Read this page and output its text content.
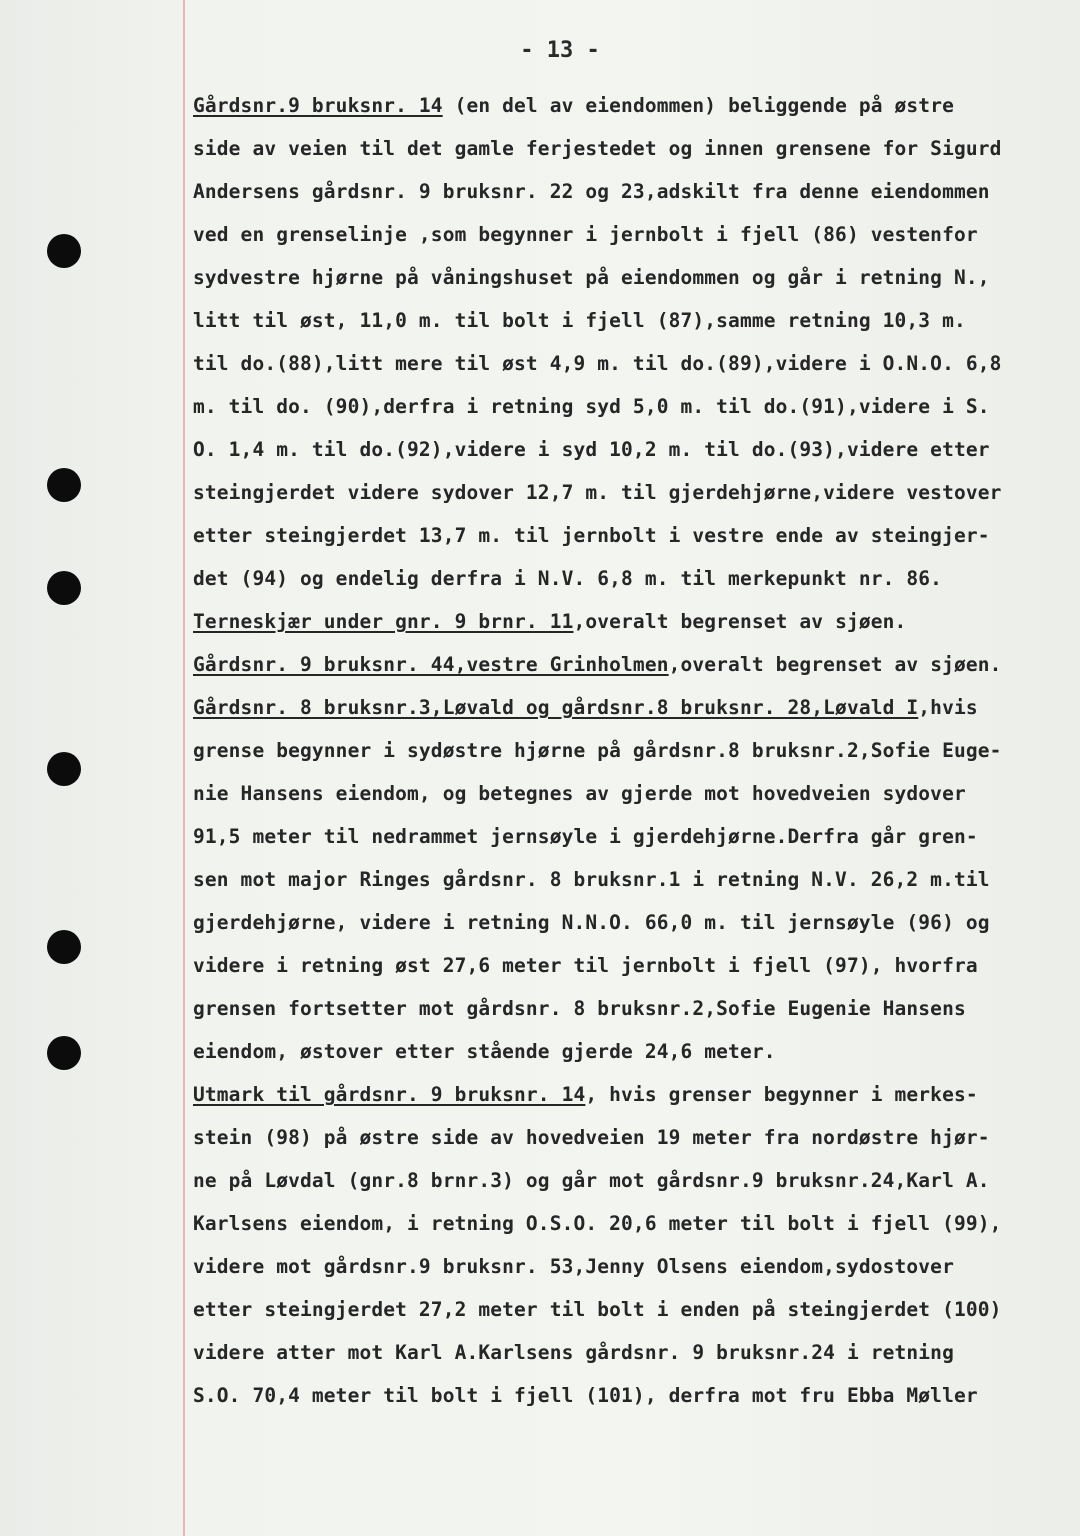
- 13 -
Gårdsnr.9 bruksnr. 14 (en del av eiendommen) beliggende på østre
side av veien til det gamle ferjestedet og innen grensene for Sigurd
Andersens gårdsnr. 9 bruksnr. 22 og 23,adskilt fra denne eiendommen
ved en grenselinje ,som begynner i jernbolt i fjell (86) vestenfor
sydvestre hjørne på våningshuset på eiendommen og går i retning N.,
litt til øst, 11,0 m. til bolt i fjell (87),samme retning 10,3 m.
til do.(88),litt mere til øst 4,9 m. til do.(89),videre i O.N.O. 6,8
m. til do. (90),derfra i retning syd 5,0 m. til do.(91),videre i S.
O. 1,4 m. til do.(92),videre i syd 10,2 m. til do.(93),videre etter
steingjerdet videre sydover 12,7 m. til gjerdehjørne,videre vestover
etter steingjerdet 13,7 m. til jernbolt i vestre ende av steingjer-
det (94) og endelig derfra i N.V. 6,8 m. til merkepunkt nr. 86.
Terneskjær under gnr. 9 brnr. 11,overalt begrenset av sjøen.
Gårdsnr. 9 bruksnr. 44,vestre Grinholmen,overalt begrenset av sjøen.
Gårdsnr. 8 bruksnr.3,Løvald og gårdsnr.8 bruksnr. 28,Løvald I,hvis
grense begynner i sydøstre hjørne på gårdsnr.8 bruksnr.2,Sofie Euge-
nie Hansens eiendom, og betegnes av gjerde mot hovedveien sydover
91,5 meter til nedrammet jernsøyle i gjerdehjørne.Derfra går gren-
sen mot major Ringes gårdsnr. 8 bruksnr.1 i retning N.V. 26,2 m.til
gjerdehjørne, videre i retning N.N.O. 66,0 m. til jernsøyle (96) og
videre i retning øst 27,6 meter til jernbolt i fjell (97), hvorfra
grensen fortsetter mot gårdsnr. 8 bruksnr.2,Sofie Eugenie Hansens
eiendom, østover etter stående gjerde 24,6 meter.
Utmark til gårdsnr. 9 bruksnr. 14, hvis grenser begynner i merkes-
stein (98) på østre side av hovedveien 19 meter fra nordøstre hjør-
ne på Løvdal (gnr.8 brnr.3) og går mot gårdsnr.9 bruksnr.24,Karl A.
Karlsens eiendom, i retning O.S.O. 20,6 meter til bolt i fjell (99),
videre mot gårdsnr.9 bruksnr. 53,Jenny Olsens eiendom,sydostover
etter steingjerdet 27,2 meter til bolt i enden på steingjerdet (100)
videre atter mot Karl A.Karlsens gårdsnr. 9 bruksnr.24 i retning
S.O. 70,4 meter til bolt i fjell (101), derfra mot fru Ebba Møller
